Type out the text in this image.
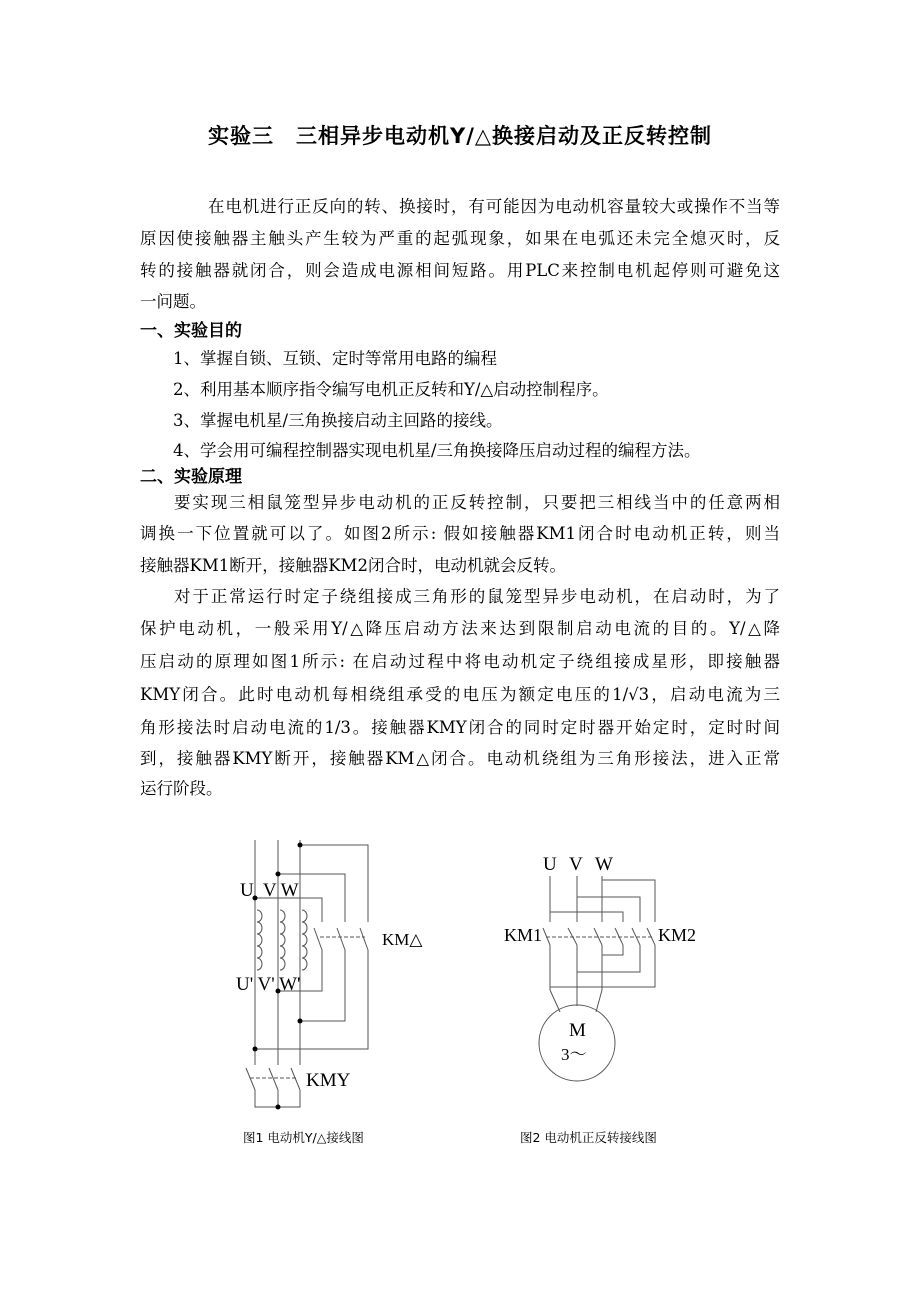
实验三　三相异步电动机Y/△换接启动及正反转控制
在电机进行正反向的转、换接时，有可能因为电动机容量较大或操作不当等
原因使接触器主触头产生较为严重的起弧现象，如果在电弧还未完全熄灭时，反
转的接触器就闭合，则会造成电源相间短路。用PLC来控制电机起停则可避免这
一问题。
一、实验目的
1、掌握自锁、互锁、定时等常用电路的编程
2、利用基本顺序指令编写电机正反转和Y/△启动控制程序。
3、掌握电机星/三角换接启动主回路的接线。
4、学会用可编程控制器实现电机星/三角换接降压启动过程的编程方法。
二、实验原理
要实现三相鼠笼型异步电动机的正反转控制，只要把三相线当中的任意两相
调换一下位置就可以了。如图2所示: 假如接触器KM1闭合时电动机正转，则当
接触器KM1断开，接触器KM2闭合时，电动机就会反转。
对于正常运行时定子绕组接成三角形的鼠笼型异步电动机，在启动时，为了
保护电动机，一般采用Y/△降压启动方法来达到限制启动电流的目的。Y/△降
压启动的原理如图1所示: 在启动过程中将电动机定子绕组接成星形，即接触器
KMY闭合。此时电动机每相绕组承受的电压为额定电压的1/√3，启动电流为三
角形接法时启动电流的1/3。接触器KMY闭合的同时定时器开始定时，定时时间
到，接触器KMY断开，接触器KM△闭合。电动机绕组为三角形接法，进入正常
运行阶段。
U  V W
U' V' W'
KM△
KMY
U V W
KM1	KM2
M
3～
图1 电动机Y/△接线图	图2 电动机正反转接线图
